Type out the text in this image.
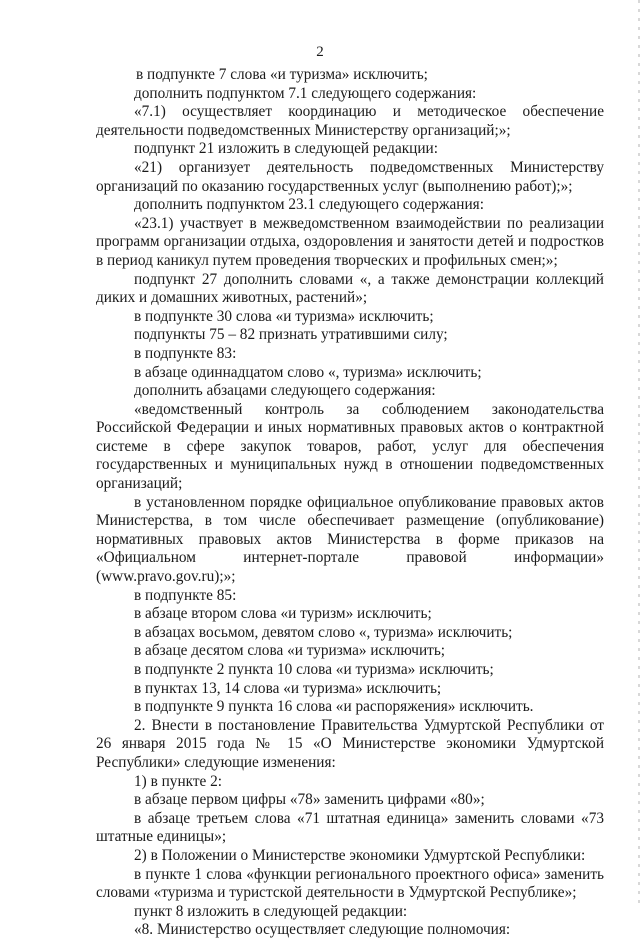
2

в подпункте 7 слова «и туризма» исключить;

дополнить подпунктом 7.1 следующего содержания:

«7.1) осуществляет координацию и методическое обеспечение деятельности подведомственных Министерству организаций;»;

подпункт 21 изложить в следующей редакции:

«21) организует деятельность подведомственных Министерству организаций по оказанию государственных услуг (выполнению работ);»;

дополнить подпунктом 23.1 следующего содержания:

«23.1) участвует в межведомственном взаимодействии по реализации программ организации отдыха, оздоровления и занятости детей и подростков в период каникул путем проведения творческих и профильных смен;»;

подпункт 27 дополнить словами «, а также демонстрации коллекций диких и домашних животных, растений»;

в подпункте 30 слова «и туризма» исключить;

подпункты 75 – 82 признать утратившими силу;

в подпункте 83:

в абзаце одиннадцатом слово «, туризма» исключить;

дополнить абзацами следующего содержания:

«ведомственный контроль за соблюдением законодательства Российской Федерации и иных нормативных правовых актов о контрактной системе в сфере закупок товаров, работ, услуг для обеспечения государственных и муниципальных нужд в отношении подведомственных организаций;

в установленном порядке официальное опубликование правовых актов Министерства, в том числе обеспечивает размещение (опубликование) нормативных правовых актов Министерства в форме приказов на «Официальном интернет-портале правовой информации» (www.pravo.gov.ru);»;

в подпункте 85:

в абзаце втором слова «и туризм» исключить;

в абзацах восьмом, девятом слово «, туризма» исключить;

в абзаце десятом слова «и туризма» исключить;

в подпункте 2 пункта 10 слова «и туризма» исключить;

в пунктах 13, 14 слова «и туризма» исключить;

в подпункте 9 пункта 16 слова «и распоряжения» исключить.

2. Внести в постановление Правительства Удмуртской Республики от 26 января 2015 года № 15 «О Министерстве экономики Удмуртской Республики» следующие изменения:

1) в пункте 2:

в абзаце первом цифры «78» заменить цифрами «80»;

в абзаце третьем слова «71 штатная единица» заменить словами «73 штатные единицы»;

2) в Положении о Министерстве экономики Удмуртской Республики:

в пункте 1 слова «функции регионального проектного офиса» заменить словами «туризма и туристской деятельности в Удмуртской Республике»;

пункт 8 изложить в следующей редакции:

«8. Министерство осуществляет следующие полномочия:
